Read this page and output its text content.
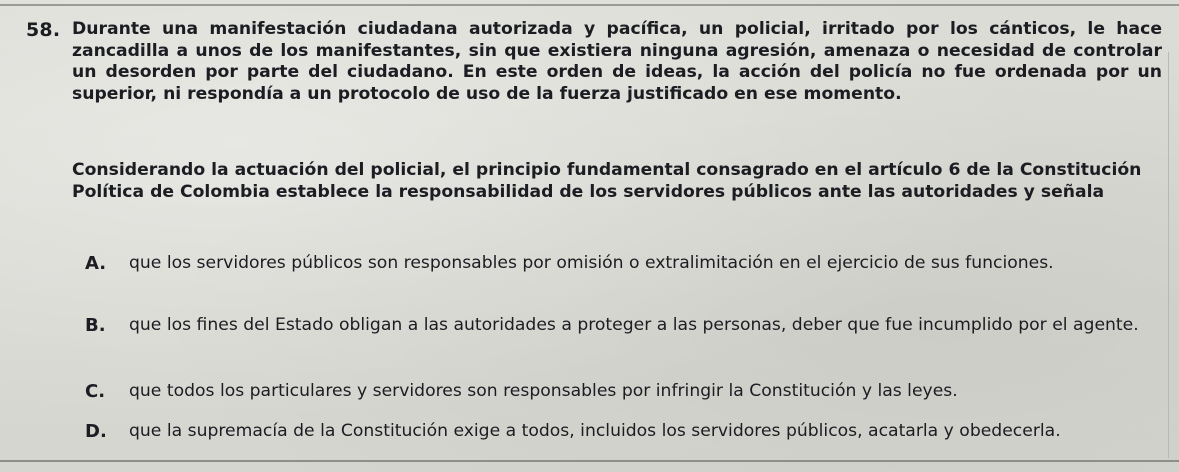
58. Durante una manifestación ciudadana autorizada y pacífica, un policial, irritado por los cánticos, le hace zancadilla a unos de los manifestantes, sin que existiera ninguna agresión, amenaza o necesidad de controlar un desorden por parte del ciudadano. En este orden de ideas, la acción del policía no fue ordenada por un superior, ni respondía a un protocolo de uso de la fuerza justificado en ese momento.
Considerando la actuación del policial, el principio fundamental consagrado en el artículo 6 de la Constitución Política de Colombia establece la responsabilidad de los servidores públicos ante las autoridades y señala
A. que los servidores públicos son responsables por omisión o extralimitación en el ejercicio de sus funciones.
B. que los fines del Estado obligan a las autoridades a proteger a las personas, deber que fue incumplido por el agente.
C. que todos los particulares y servidores son responsables por infringir la Constitución y las leyes.
D. que la supremacía de la Constitución exige a todos, incluidos los servidores públicos, acatarla y obedecerla.
